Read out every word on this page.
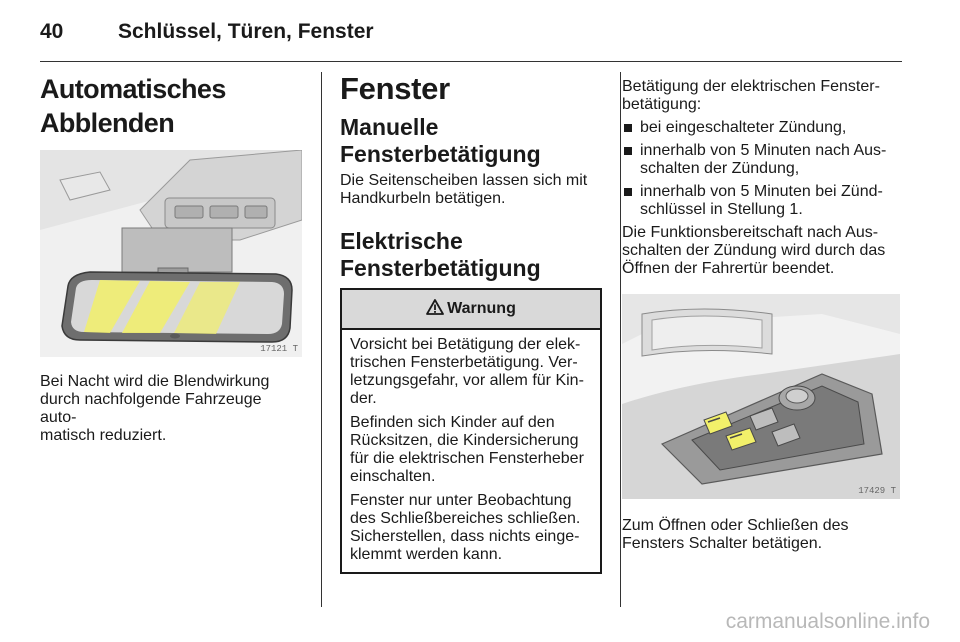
40	Schlüssel, Türen, Fenster
Automatisches Abblenden
17121 T
Bei Nacht wird die Blendwirkung
durch nachfolgende Fahrzeuge auto-
matisch reduziert.
Fenster
Manuelle
Fensterbetätigung
Die Seitenscheiben lassen sich mit
Handkurbeln betätigen.
Elektrische
Fensterbetätigung
Warnung

Vorsicht bei Betätigung der elek-
trischen Fensterbetätigung. Ver-
letzungsgefahr, vor allem für Kin-
der.

Befinden sich Kinder auf den
Rücksitzen, die Kindersicherung
für die elektrischen Fensterheber
einschalten.

Fenster nur unter Beobachtung
des Schließbereiches schließen.
Sicherstellen, dass nichts einge-
klemmt werden kann.

Betätigung der elektrischen Fenster-
betätigung:
bei eingeschalteter Zündung,
innerhalb von 5 Minuten nach Aus-
schalten der Zündung,
innerhalb von 5 Minuten bei Zünd-
schlüssel in Stellung 1.
Die Funktionsbereitschaft nach Aus-
schalten der Zündung wird durch das
Öffnen der Fahrertür beendet.
17429 T
Zum Öffnen oder Schließen des
Fensters Schalter betätigen.
carmanualsonline.info
